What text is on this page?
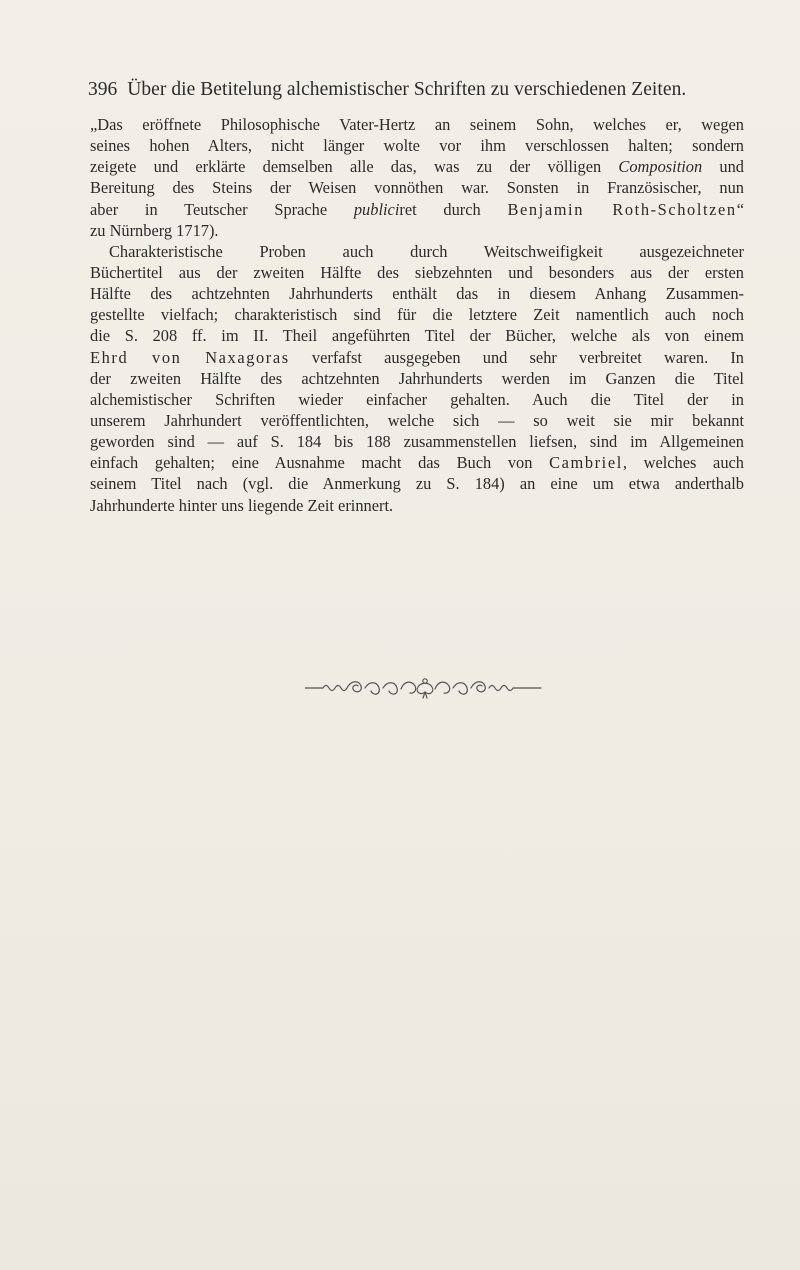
396 Über die Betitelung alchemistischer Schriften zu verschiedenen Zeiten.
„Das eröffnete Philosophische Vater-Hertz an seinem Sohn, welches er, wegen
seines hohen Alters, nicht länger wolte vor ihm verschlossen halten; sondern
zeigete und erklärte demselben alle das, was zu der völligen Composition und
Bereitung des Steins der Weisen vonnöthen war. Sonsten in Französischer, nun
aber in Teutscher Sprache publiciret durch Benjamin Roth-Scholtzen“
zu Nürnberg 1717).
Charakteristische Proben auch durch Weitschweifigkeit ausgezeichneter
Büchertitel aus der zweiten Hälfte des siebzehnten und besonders aus der ersten
Hälfte des achtzehnten Jahrhunderts enthält das in diesem Anhang Zusammen-
gestellte vielfach; charakteristisch sind für die letztere Zeit namentlich auch noch
die S. 208 ff. im II. Theil angeführten Titel der Bücher, welche als von einem
Ehrd von Naxagoras verfafst ausgegeben und sehr verbreitet waren. In
der zweiten Hälfte des achtzehnten Jahrhunderts werden im Ganzen die Titel
alchemistischer Schriften wieder einfacher gehalten. Auch die Titel der in
unserem Jahrhundert veröffentlichten, welche sich — so weit sie mir bekannt
geworden sind — auf S. 184 bis 188 zusammenstellen liefsen, sind im Allgemeinen
einfach gehalten; eine Ausnahme macht das Buch von Cambriel, welches auch
seinem Titel nach (vgl. die Anmerkung zu S. 184) an eine um etwa anderthalb
Jahrhunderte hinter uns liegende Zeit erinnert.
